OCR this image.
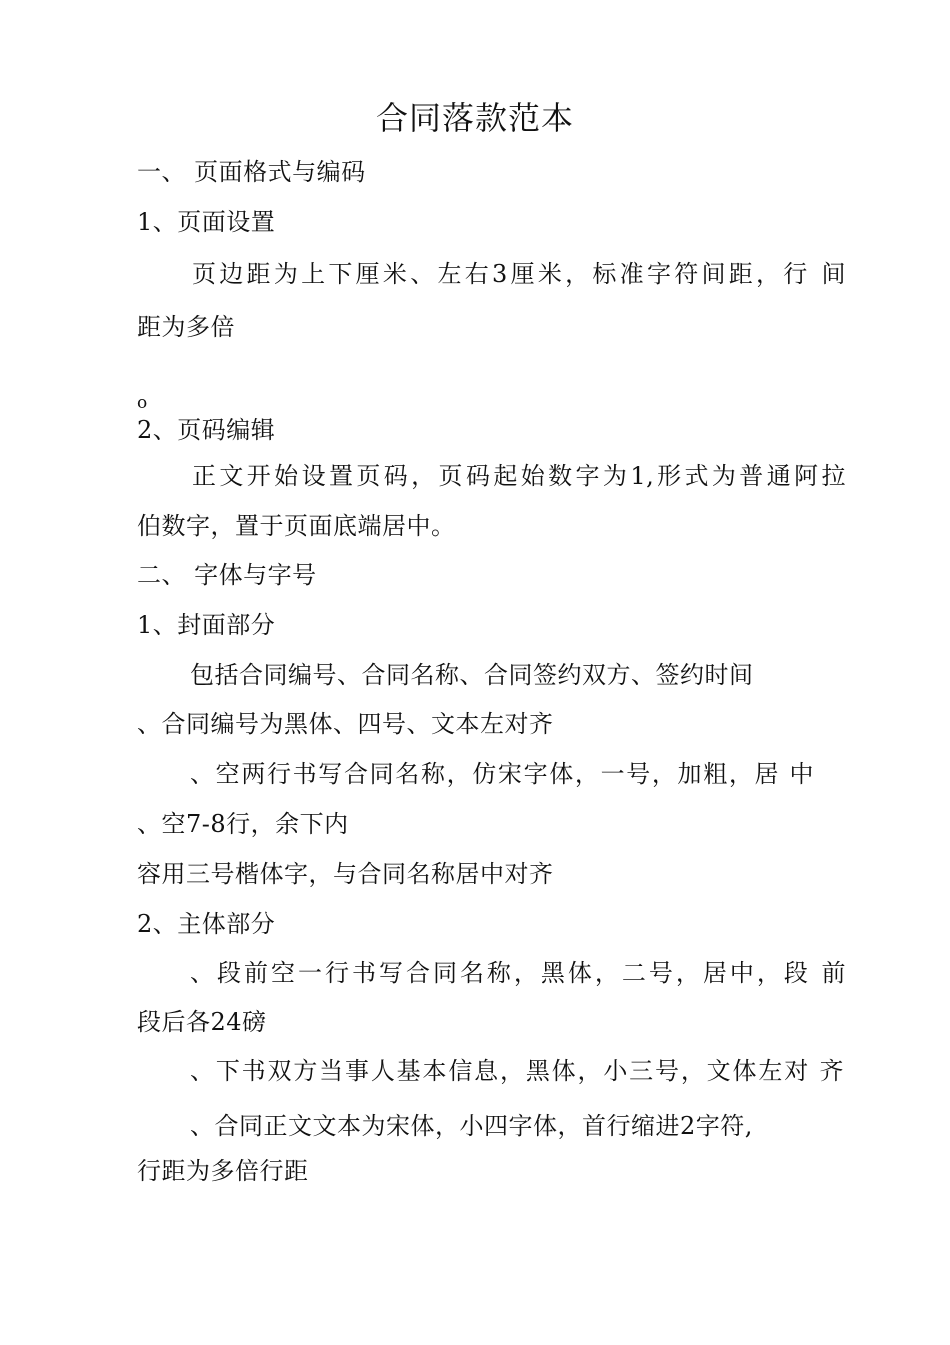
合同落款范本
一、 页面格式与编码
1、页面设置
页边距为上下厘米、左右3厘米，标准字符间距，行 间
距为多倍
o
2、页码编辑
正文开始设置页码，页码起始数字为1,形式为普通阿拉
伯数字，置于页面底端居中。
二、 字体与字号
1、封面部分
包括合同编号、合同名称、合同签约双方、签约时间
、合同编号为黑体、四号、文本左对齐
、空两行书写合同名称，仿宋字体，一号，加粗，居 中
、空7-8行，余下内
容用三号楷体字，与合同名称居中对齐
2、主体部分
、段前空一行书写合同名称，黑体，二号，居中，段 前
段后各24磅
、下书双方当事人基本信息，黑体，小三号，文体左对 齐
、合同正文文本为宋体，小四字体，首行缩进2字符,
行距为多倍行距
